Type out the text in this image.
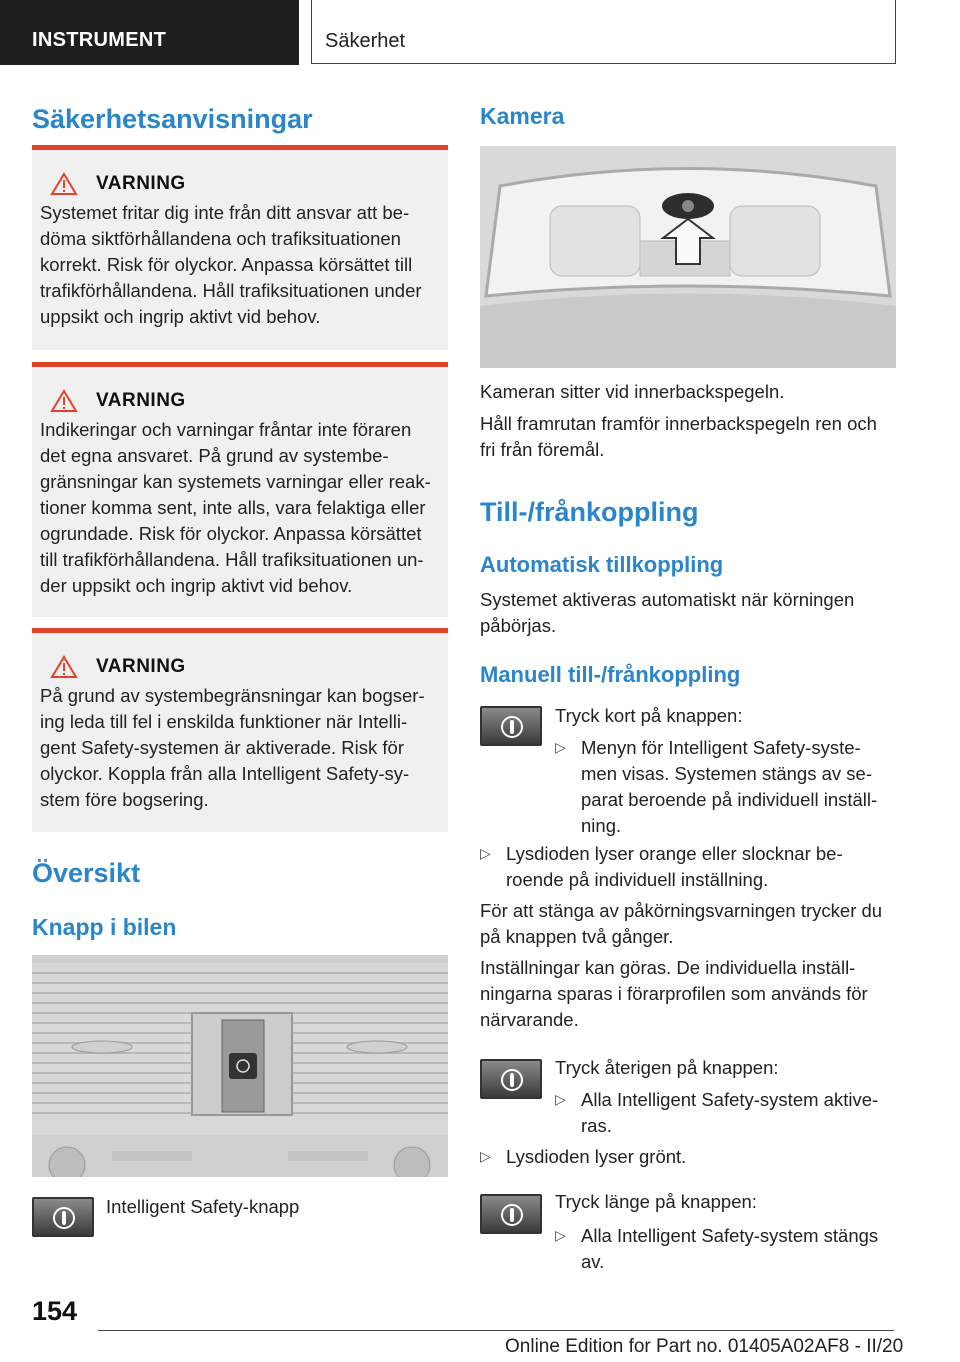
INSTRUMENT	Säkerhet
Säkerhetsanvisningar
VARNING

Systemet fritar dig inte från ditt ansvar att be-döma siktförhållandena och trafiksituationen korrekt. Risk för olyckor. Anpassa körsättet till trafikförhållandena. Håll trafiksituationen under uppsikt och ingrip aktivt vid behov.

VARNING

Indikeringar och varningar fråntar inte föraren det egna ansvaret. På grund av systembe-gränsningar kan systemets varningar eller reak-tioner komma sent, inte alls, vara felaktiga eller ogrundade. Risk för olyckor. Anpassa körsättet till trafikförhållandena. Håll trafiksituationen un-der uppsikt och ingrip aktivt vid behov.

VARNING

På grund av systembegränsningar kan bogser-ing leda till fel i enskilda funktioner när Intelli-gent Safety-systemen är aktiverade. Risk för olyckor. Koppla från alla Intelligent Safety-sy-stem före bogsering.

Översikt
Knapp i bilen
Intelligent Safety-knapp
Kamera
Kameran sitter vid innerbackspegeln.
Håll framrutan framför innerbackspegeln ren och fri från föremål.
Till-/frånkoppling
Automatisk tillkoppling
Systemet aktiveras automatiskt när körningen påbörjas.
Manuell till-/frånkoppling
Tryck kort på knappen:
▷ Menyn för Intelligent Safety-syste-men visas. Systemen stängs av se-parat beroende på individuell inställ-ning.
▷ Lysdioden lyser orange eller slocknar be-roende på individuell inställning.
För att stänga av påkörningsvarningen trycker du på knappen två gånger.
Inställningar kan göras. De individuella inställ-ningarna sparas i förarprofilen som används för närvarande.
Tryck återigen på knappen:
▷ Alla Intelligent Safety-system aktive-ras.
▷ Lysdioden lyser grönt.
Tryck länge på knappen:
▷ Alla Intelligent Safety-system stängs av.
154
Online Edition for Part no. 01405A02AF8 - II/20
